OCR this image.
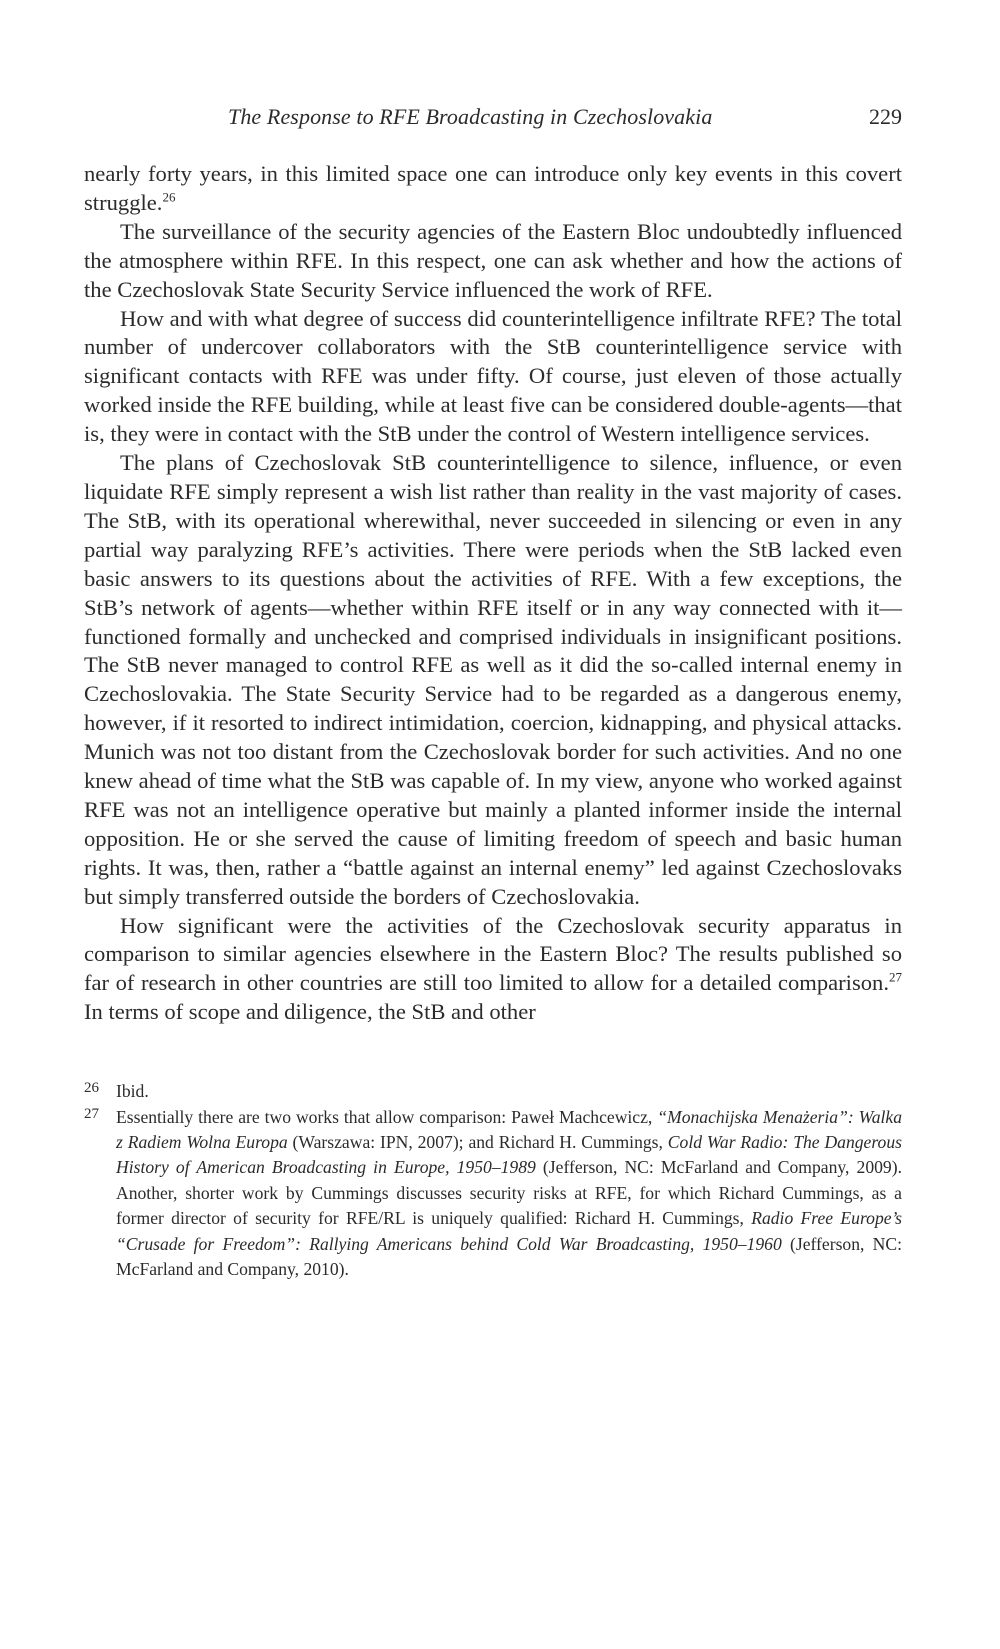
The Response to RFE Broadcasting in Czechoslovakia	229

nearly forty years, in this limited space one can introduce only key events in this covert struggle.$^{26}$

The surveillance of the security agencies of the Eastern Bloc undoubtedly influenced the atmosphere within RFE. In this respect, one can ask whether and how the actions of the Czechoslovak State Security Service influenced the work of RFE.

How and with what degree of success did counterintelligence infiltrate RFE? The total number of undercover collaborators with the StB counterintelligence service with significant contacts with RFE was under fifty. Of course, just eleven of those actually worked inside the RFE building, while at least five can be considered double-agents—that is, they were in contact with the StB under the control of Western intelligence services.

The plans of Czechoslovak StB counterintelligence to silence, influence, or even liquidate RFE simply represent a wish list rather than reality in the vast majority of cases. The StB, with its operational wherewithal, never succeeded in silencing or even in any partial way paralyzing RFE’s activities. There were periods when the StB lacked even basic answers to its questions about the activities of RFE. With a few exceptions, the StB’s network of agents—whether within RFE itself or in any way connected with it—functioned formally and unchecked and comprised individuals in insignificant positions. The StB never managed to control RFE as well as it did the so-called internal enemy in Czechoslovakia. The State Security Service had to be regarded as a dangerous enemy, however, if it resorted to indirect intimidation, coercion, kidnapping, and physical attacks. Munich was not too distant from the Czechoslovak border for such activities. And no one knew ahead of time what the StB was capable of. In my view, anyone who worked against RFE was not an intelligence operative but mainly a planted informer inside the internal opposition. He or she served the cause of limiting freedom of speech and basic human rights. It was, then, rather a “battle against an internal enemy” led against Czechoslovaks but simply transferred outside the borders of Czechoslovakia.

How significant were the activities of the Czechoslovak security apparatus in comparison to similar agencies elsewhere in the Eastern Bloc? The results published so far of research in other countries are still too limited to allow for a detailed comparison.$^{27}$ In terms of scope and diligence, the StB and other

26 Ibid.

27 Essentially there are two works that allow comparison: Paweł Machcewicz, “Monachijska Menażeria”: Walka z Radiem Wolna Europa (Warszawa: IPN, 2007); and Richard H. Cummings, Cold War Radio: The Dangerous History of American Broadcasting in Europe, 1950–1989 (Jefferson, NC: McFarland and Company, 2009). Another, shorter work by Cummings discusses security risks at RFE, for which Richard Cummings, as a former director of security for RFE/RL is uniquely qualified: Richard H. Cummings, Radio Free Europe’s “Crusade for Freedom”: Rallying Americans behind Cold War Broadcasting, 1950–1960 (Jefferson, NC: McFarland and Company, 2010).
